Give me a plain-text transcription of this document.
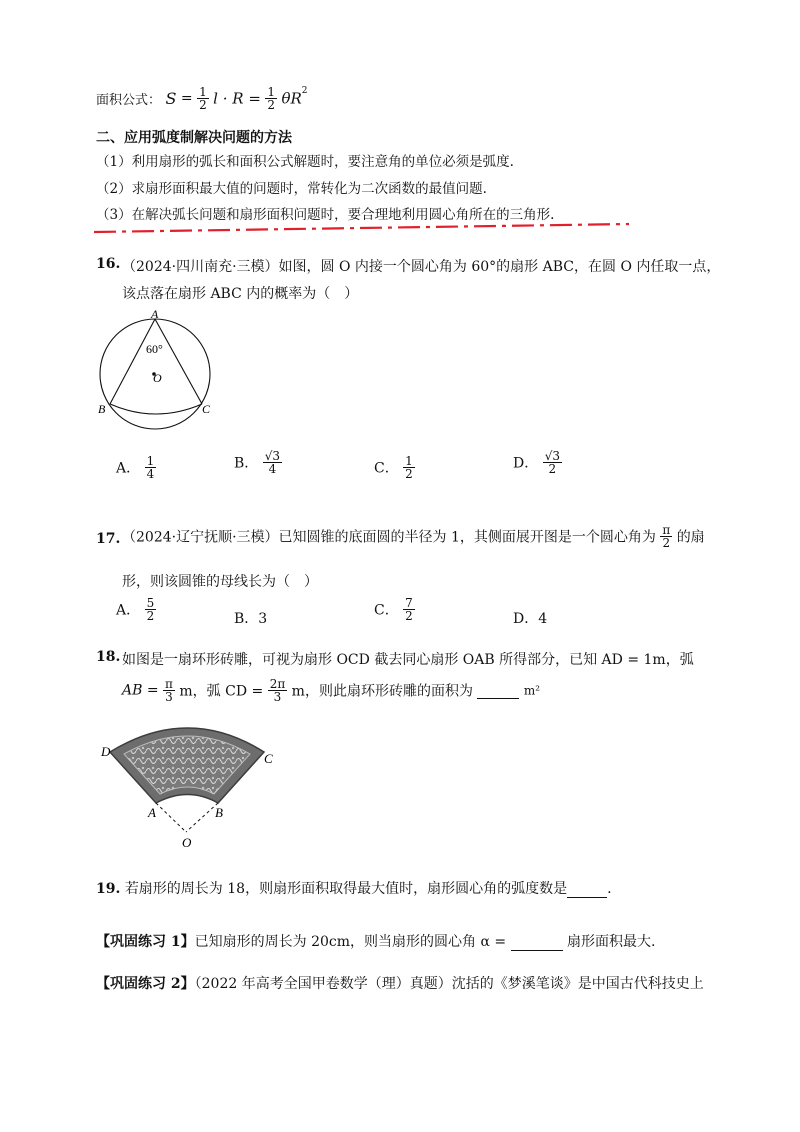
面积公式： $S = \frac{1}{2}$ $l \cdot R = \frac{1}{2} \theta R^2$
二、应用弧度制解决问题的方法
（1）利用扇形的弧长和面积公式解题时，要注意角的单位必须是弧度.
（2）求扇形面积最大值的问题时，常转化为二次函数的最值问题.
（3）在解决弧长问题和扇形面积问题时，要合理地利用圆心角所在的三角形.
16. （2024·四川南充·三模）如图，圆 O 内接一个圆心角为 60°的扇形 ABC，在圆 O 内任取一点，
该点落在扇形 ABC 内的概率为（　）
A
B	C
O
60°
A． $\frac{1}{4}$	B． $\frac{√3}{4}$	C． $\frac{1}{2}$	D． $\frac{√3}{2}$
17. （2024·辽宁抚顺·三模）已知圆锥的底面圆的半径为 1，其侧面展开图是一个圆心角为 $\frac{\pi}{2}$ 的扇
形，则该圆锥的母线长为（　）
A． $\frac{5}{2}$	B．3
C． $\frac{7}{2}$	D．4
18. 如图是一扇环形砖雕，可视为扇形 OCD 截去同心扇形 OAB 所得部分，已知 AD = 1m，弧
AB = $\frac{\pi}{3}$ m，弧 CD = $\frac{2\pi}{3}$ m，则此扇环形砖雕的面积为	m²
D	C
A	B
O
19. 若扇形的周长为 18，则扇形面积取得最大值时，扇形圆心角的弧度数是	.
【巩固练习 1】已知扇形的周长为 20cm，则当扇形的圆心角 α =	扇形面积最大.
【巩固练习 2】（2022 年高考全国甲卷数学（理）真题）沈括的《梦溪笔谈》是中国古代科技史上
